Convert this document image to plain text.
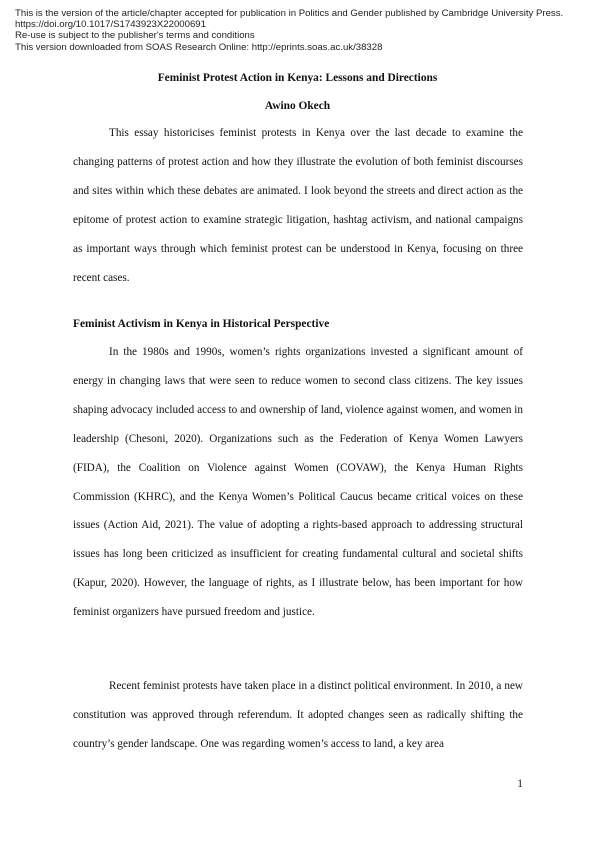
This is the version of the article/chapter accepted for publication in Politics and Gender published by Cambridge University Press.
https://doi.org/10.1017/S1743923X22000691
Re-use is subject to the publisher's terms and conditions
This version downloaded from SOAS Research Online: http://eprints.soas.ac.uk/38328
Feminist Protest Action in Kenya: Lessons and Directions
Awino Okech

This essay historicises feminist protests in Kenya over the last decade to examine the changing patterns of protest action and how they illustrate the evolution of both feminist discourses and sites within which these debates are animated. I look beyond the streets and direct action as the epitome of protest action to examine strategic litigation, hashtag activism, and national campaigns as important ways through which feminist protest can be understood in Kenya, focusing on three recent cases.

Feminist Activism in Kenya in Historical Perspective

In the 1980s and 1990s, women’s rights organizations invested a significant amount of energy in changing laws that were seen to reduce women to second class citizens. The key issues shaping advocacy included access to and ownership of land, violence against women, and women in leadership (Chesoni, 2020). Organizations such as the Federation of Kenya Women Lawyers (FIDA), the Coalition on Violence against Women (COVAW), the Kenya Human Rights Commission (KHRC), and the Kenya Women’s Political Caucus became critical voices on these issues (Action Aid, 2021). The value of adopting a rights-based approach to addressing structural issues has long been criticized as insufficient for creating fundamental cultural and societal shifts (Kapur, 2020). However, the language of rights, as I illustrate below, has been important for how feminist organizers have pursued freedom and justice.

Recent feminist protests have taken place in a distinct political environment. In 2010, a new constitution was approved through referendum. It adopted changes seen as radically shifting the country’s gender landscape. One was regarding women’s access to land, a key area

1
